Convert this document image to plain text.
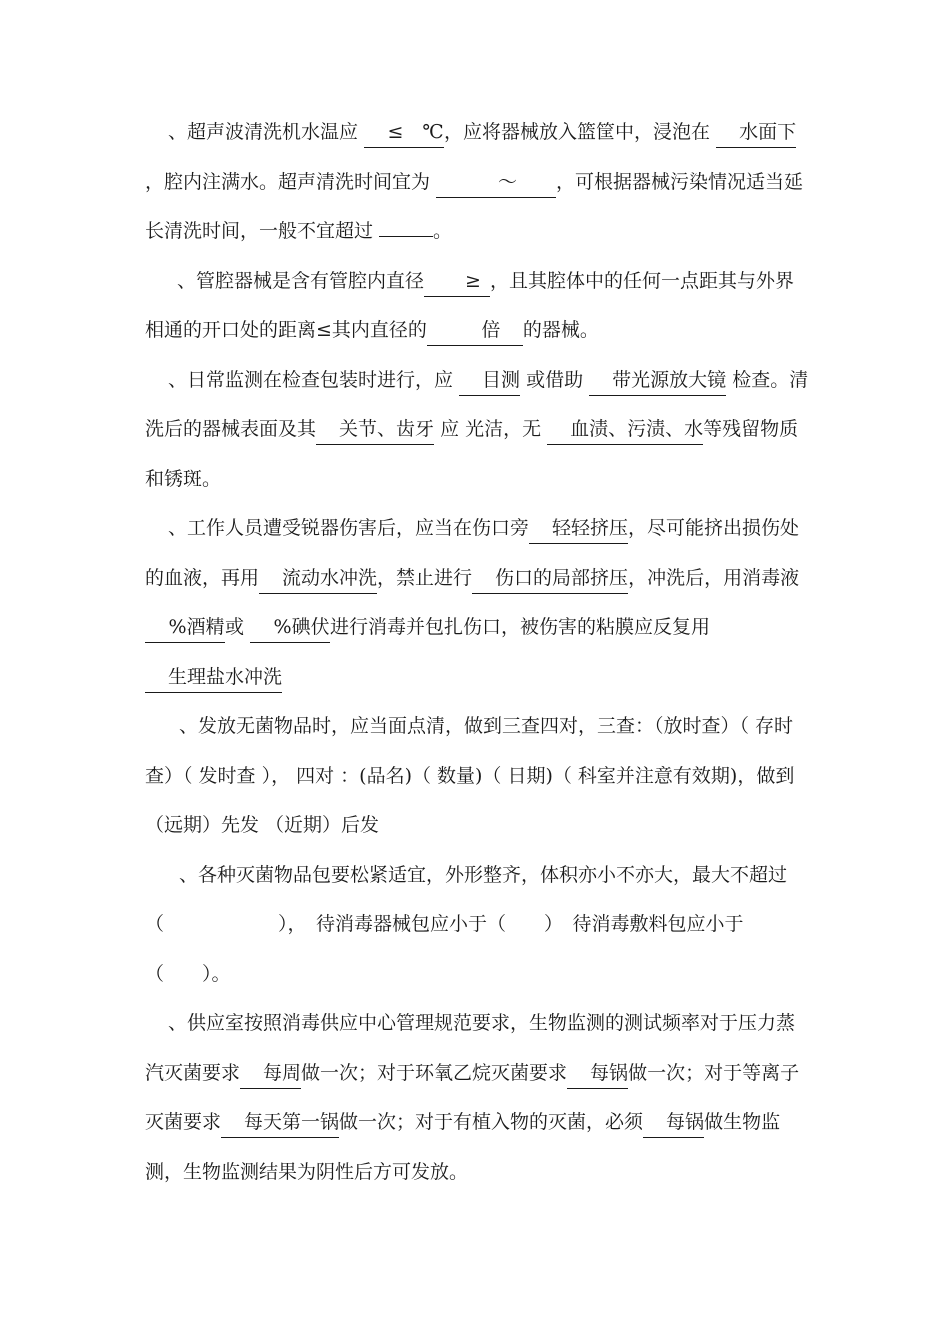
、超声波清洗机水温应 ≤　℃，应将器械放入篮筐中，浸泡在 水面下，腔内注满水。超声清洗时间宜为	～ ，可根据器械污染情况适当延长清洗时间，一般不宜超过	。

、管腔器械是含有管腔内直径 ≥ ，且其腔体中的任何一点距其与外界相通的开口处的距离≤其内直径的	倍 的器械。

、日常监测在检查包装时进行，应 目测 或借助 带光源放大镜 检查。清洗后的器械表面及其 关节、齿牙 应 光洁，无 血渍、污渍、水等残留物质和锈斑。

、工作人员遭受锐器伤害后，应当在伤口旁 轻轻挤压，尽可能挤出损伤处的血液，再用 流动水冲洗，禁止进行 伤口的局部挤压，冲洗后，用消毒液 %酒精或 %碘伏进行消毒并包扎伤口，被伤害的粘膜应反复用生理盐水冲洗

、发放无菌物品时，应当面点清，做到三查四对，三查：（放时查）（ 存时查）（ 发时查 ）， 四对 ：(品名)（ 数量)（ 日期)（ 科室并注意有效期)，做到（远期）先发 （近期）后发

、各种灭菌物品包要松紧适宜，外形整齐，体积亦小不亦大，最大不超过（　　　　　　），　待消毒器械包应小于（　　）　待消毒敷料包应小于（　　）。

、供应室按照消毒供应中心管理规范要求，生物监测的测试频率对于压力蒸汽灭菌要求 每周做一次；对于环氧乙烷灭菌要求 每锅做一次；对于等离子灭菌要求 每天第一锅做一次；对于有植入物的灭菌，必须 每锅做生物监测，生物监测结果为阴性后方可发放。
